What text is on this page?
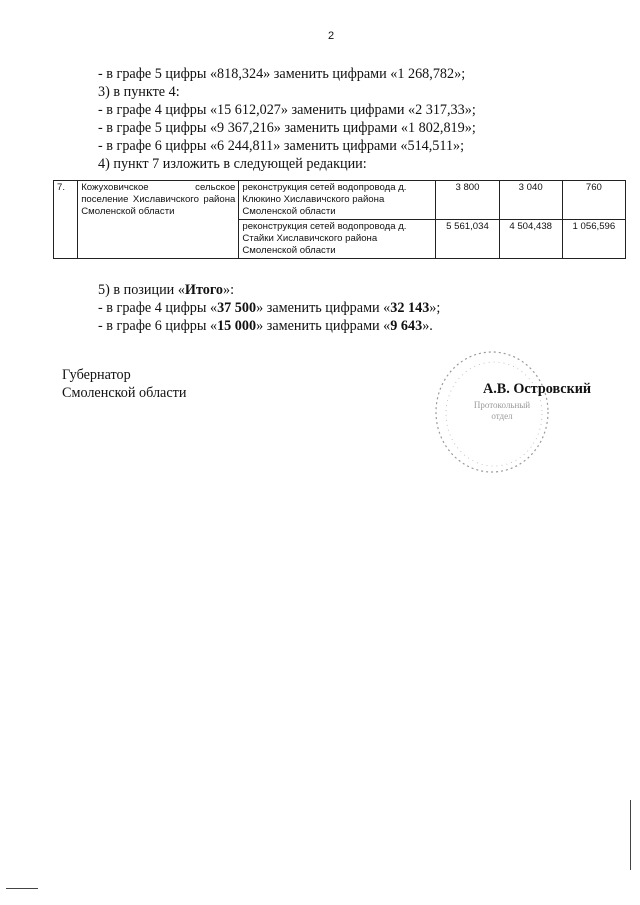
2
- в графе 5 цифры «818,324» заменить цифрами «1 268,782»;
3) в пункте 4:
- в графе 4 цифры «15 612,027» заменить цифрами «2 317,33»;
- в графе 5 цифры «9 367,216» заменить цифрами «1 802,819»;
- в графе 6 цифры «6 244,811» заменить цифрами «514,511»;
4) пункт 7 изложить в следующей редакции:
7.	Кожуховичское сельское поселение Хиславичского района Смоленской области	реконструкция сетей водопровода д. Клюкино Хиславичского района Смоленской области	3 800	3 040	760
		реконструкция сетей водопровода д. Стайки Хиславичского района Смоленской области	5 561,034	4 504,438	1 056,596
5) в позиции «Итого»:
- в графе 4 цифры «37 500» заменить цифрами «32 143»;
- в графе 6 цифры «15 000» заменить цифрами «9 643».
Губернатор
Смоленской области
Протокольный
отдел
А.В. Островский
